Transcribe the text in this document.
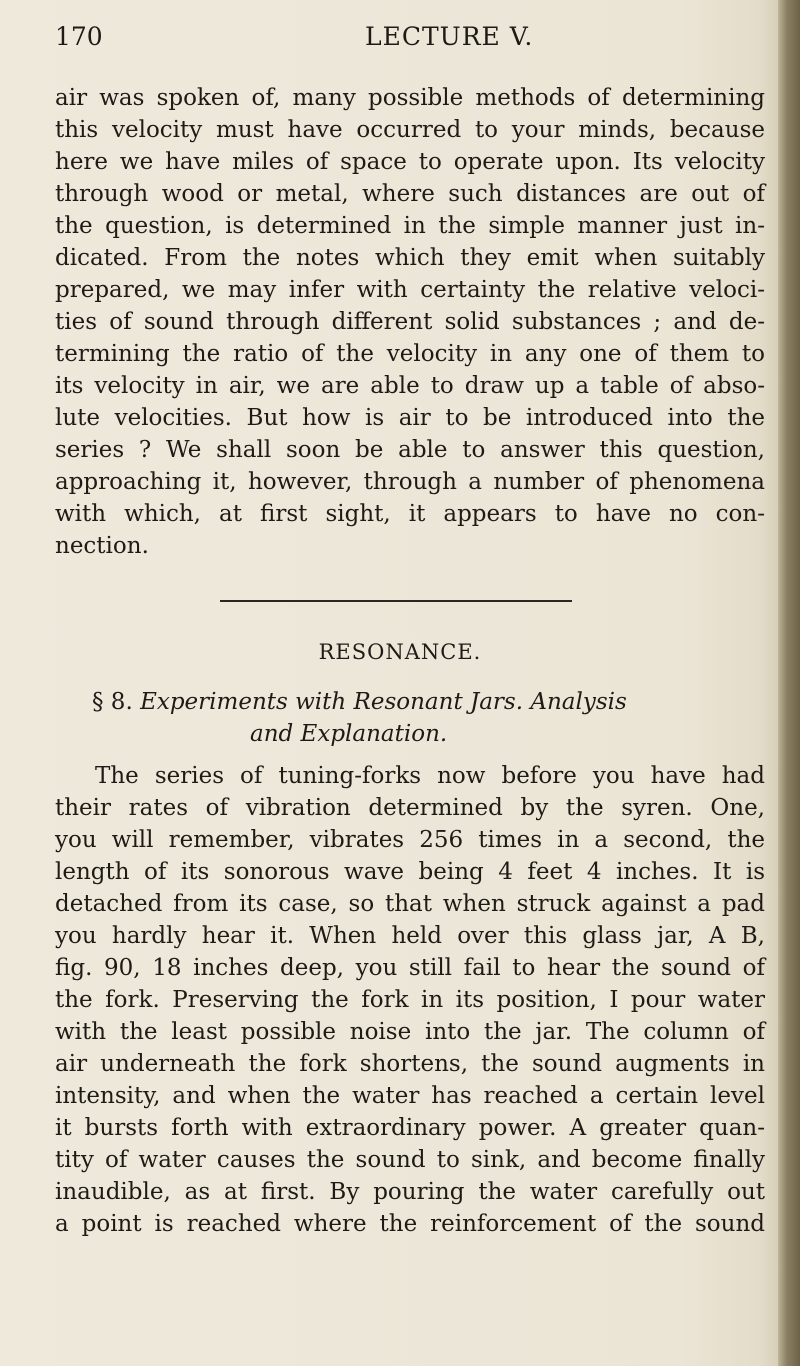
170	LECTURE V.
air was spoken of, many possible methods of determining
this velocity must have occurred to your minds, because
here we have miles of space to operate upon. Its velocity
through wood or metal, where such distances are out of
the question, is determined in the simple manner just in-
dicated. From the notes which they emit when suitably
prepared, we may infer with certainty the relative veloci-
ties of sound through different solid substances ; and de-
termining the ratio of the velocity in any one of them to
its velocity in air, we are able to draw up a table of abso-
lute velocities. But how is air to be introduced into the
series ? We shall soon be able to answer this question,
approaching it, however, through a number of phenomena
with which, at first sight, it appears to have no con-
nection.
RESONANCE.
§ 8. Experiments with Resonant Jars. Analysis
and Explanation.
The series of tuning-forks now before you have had
their rates of vibration determined by the syren. One,
you will remember, vibrates 256 times in a second, the
length of its sonorous wave being 4 feet 4 inches. It is
detached from its case, so that when struck against a pad
you hardly hear it. When held over this glass jar, A B,
fig. 90, 18 inches deep, you still fail to hear the sound of
the fork. Preserving the fork in its position, I pour water
with the least possible noise into the jar. The column of
air underneath the fork shortens, the sound augments in
intensity, and when the water has reached a certain level
it bursts forth with extraordinary power. A greater quan-
tity of water causes the sound to sink, and become finally
inaudible, as at first. By pouring the water carefully out
a point is reached where the reinforcement of the sound
